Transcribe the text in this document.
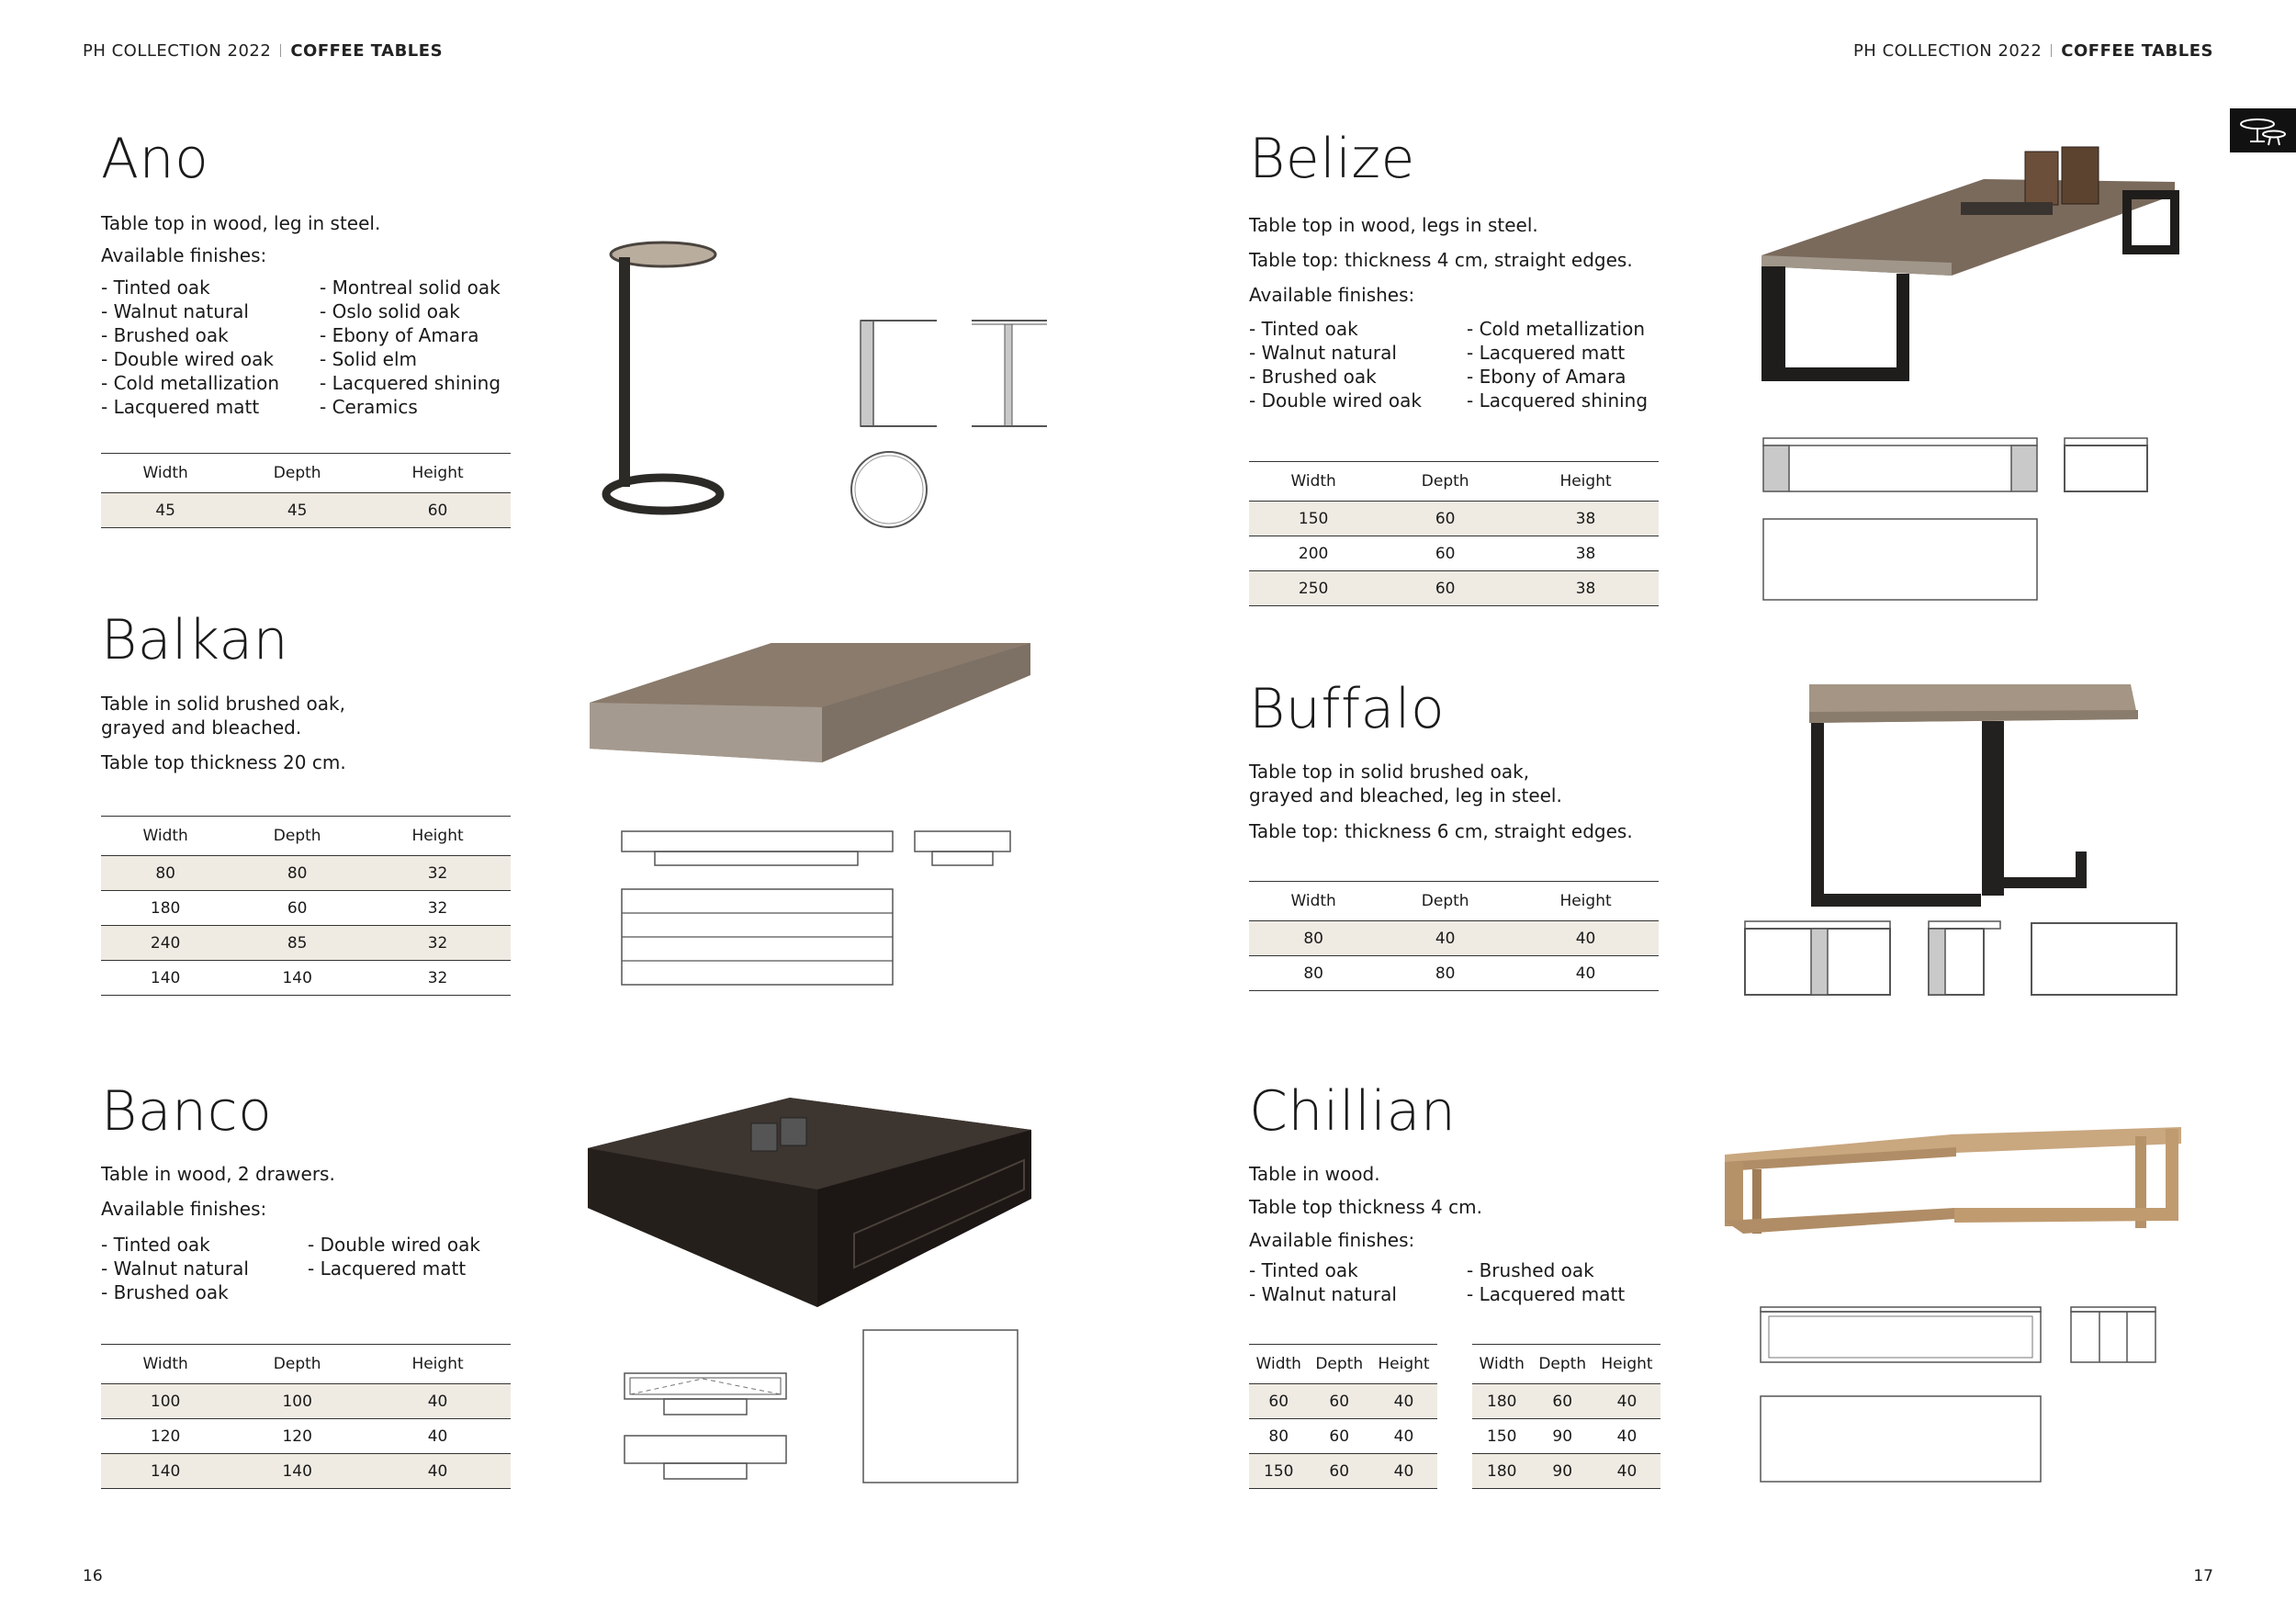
PH COLLECTION 2022 COFFEE TABLES	PH COLLECTION 2022 COFFEE TABLES
Ano

Table top in wood, leg in steel.

Available finishes:

- Tinted oak
- Walnut natural
- Brushed oak
- Double wired oak
- Cold metallization
- Lacquered matt
- Montreal solid oak
- Oslo solid oak
- Ebony of Amara
- Solid elm
- Lacquered shining
- Ceramics
Width	Depth	Height
45	45	60
Balkan

Table in solid brushed oak,

grayed and bleached.

Table top thickness 20 cm.

Width	Depth	Height
80	80	32
180	60	32
240	85	32
140	140	32
Banco

Table in wood, 2 drawers.

Available finishes:

- Tinted oak
- Walnut natural
- Brushed oak
- Double wired oak
- Lacquered matt
Width	Depth	Height
100	100	40
120	120	40
140	140	40
Belize

Table top in wood, legs in steel.

Table top: thickness 4 cm, straight edges.

Available finishes:

- Tinted oak
- Walnut natural
- Brushed oak
- Double wired oak
- Cold metallization
- Lacquered matt
- Ebony of Amara
- Lacquered shining
Width	Depth	Height
150	60	38
200	60	38
250	60	38
Buffalo

Table top in solid brushed oak,

grayed and bleached, leg in steel.

Table top: thickness 6 cm, straight edges.

Width	Depth	Height
80	40	40
80	80	40
Chillian

Table in wood.

Table top thickness 4 cm.

Available finishes:

- Tinted oak
- Walnut natural
- Brushed oak
- Lacquered matt
Width	Depth	Height
60	60	40
80	60	40
150	60	40
Width	Depth	Height
180	60	40
150	90	40
180	90	40
16	17
